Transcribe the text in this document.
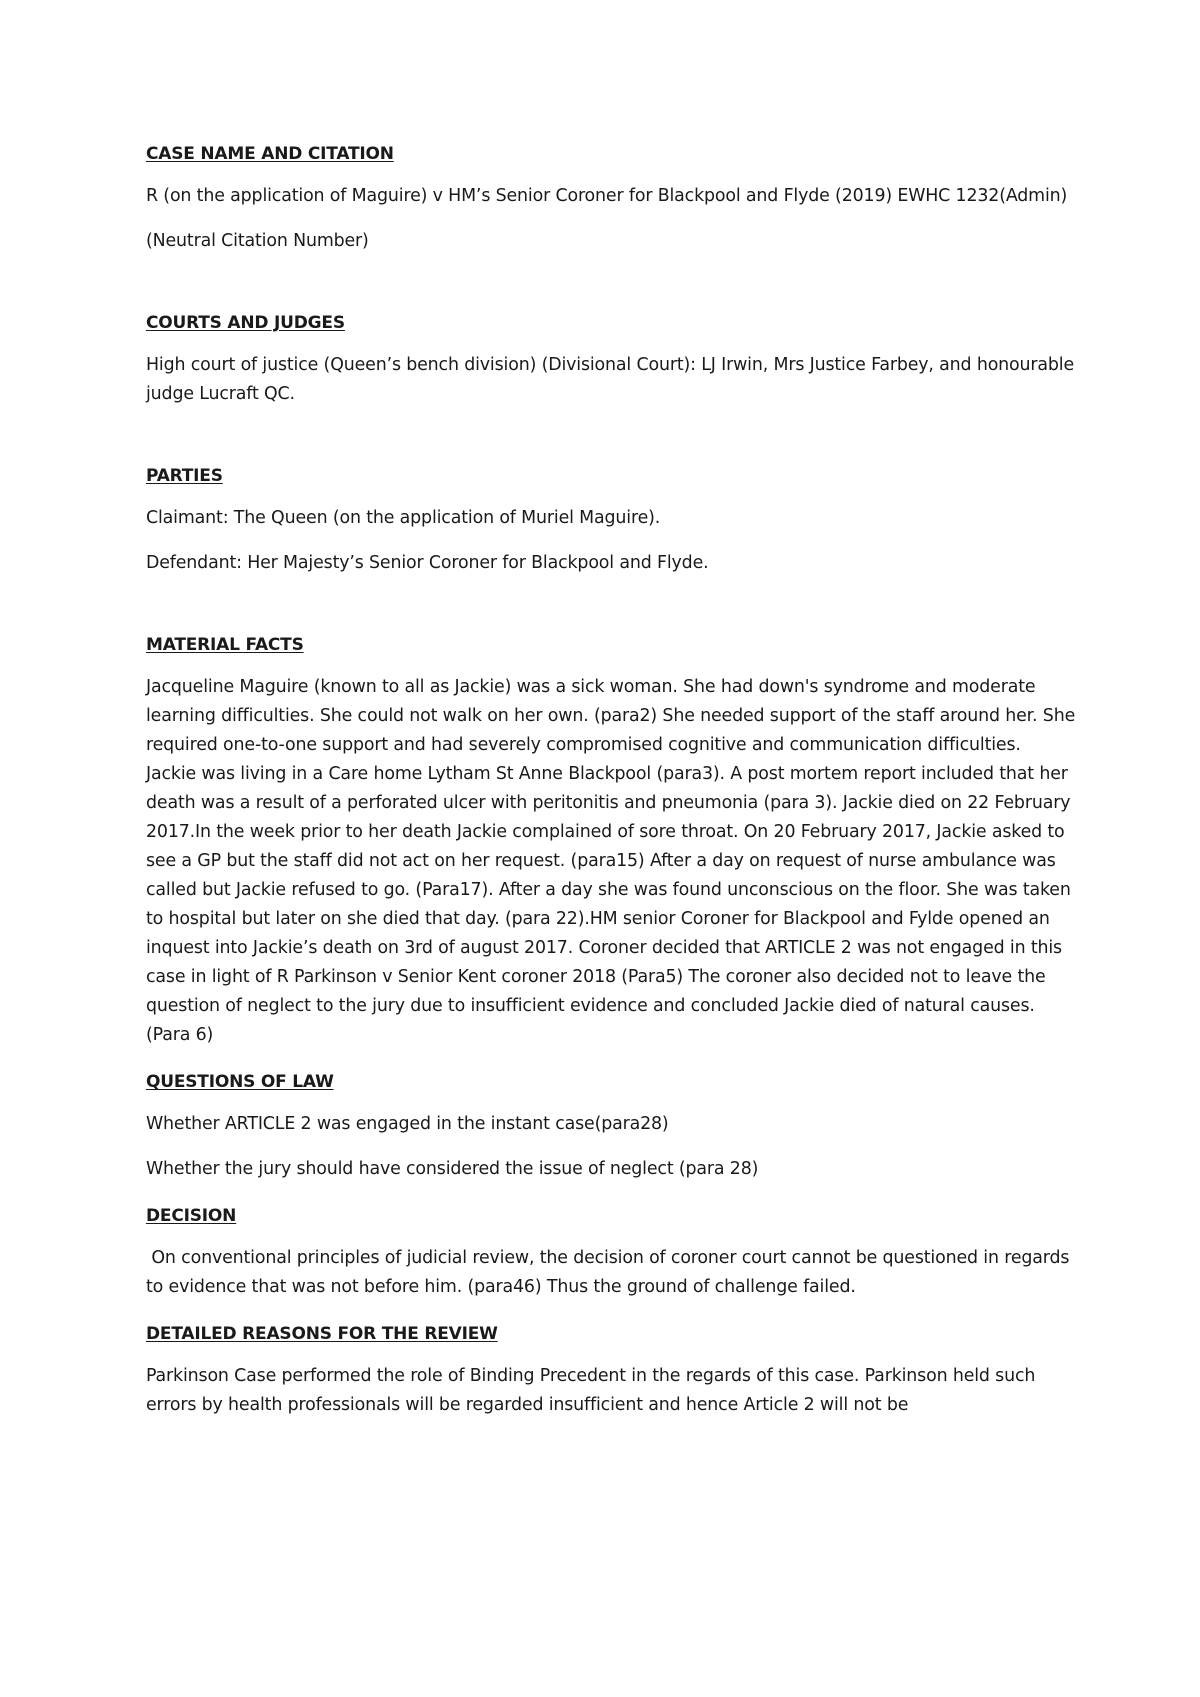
CASE NAME AND CITATION

R (on the application of Maguire) v HM’s Senior Coroner for Blackpool and Flyde (2019) EWHC 1232(Admin)

(Neutral Citation Number)

COURTS AND JUDGES

High court of justice (Queen’s bench division) (Divisional Court): LJ Irwin, Mrs Justice Farbey, and honourable judge Lucraft QC.

PARTIES

Claimant: The Queen (on the application of Muriel Maguire).

Defendant: Her Majesty’s Senior Coroner for Blackpool and Flyde.

MATERIAL FACTS

Jacqueline Maguire (known to all as Jackie) was a sick woman. She had down's syndrome and moderate learning difficulties. She could not walk on her own. (para2) She needed support of the staff around her. She required one-to-one support and had severely compromised cognitive and communication difficulties. Jackie was living in a Care home Lytham St Anne Blackpool (para3). A post mortem report included that her death was a result of a perforated ulcer with peritonitis and pneumonia (para 3). Jackie died on 22 February 2017.In the week prior to her death Jackie complained of sore throat. On 20 February 2017, Jackie asked to see a GP but the staff did not act on her request. (para15) After a day on request of nurse ambulance was called but Jackie refused to go. (Para17). After a day she was found unconscious on the floor. She was taken to hospital but later on she died that day. (para 22).HM senior Coroner for Blackpool and Fylde opened an inquest into Jackie’s death on 3rd of august 2017. Coroner decided that ARTICLE 2 was not engaged in this case in light of R Parkinson v Senior Kent coroner 2018 (Para5) The coroner also decided not to leave the question of neglect to the jury due to insufficient evidence and concluded Jackie died of natural causes. (Para 6)

QUESTIONS OF LAW

Whether ARTICLE 2 was engaged in the instant case(para28)

Whether the jury should have considered the issue of neglect (para 28)

DECISION

On conventional principles of judicial review, the decision of coroner court cannot be questioned in regards to evidence that was not before him. (para46) Thus the ground of challenge failed.

DETAILED REASONS FOR THE REVIEW

Parkinson Case performed the role of Binding Precedent in the regards of this case. Parkinson held such errors by health professionals will be regarded insufficient and hence Article 2 will not be
